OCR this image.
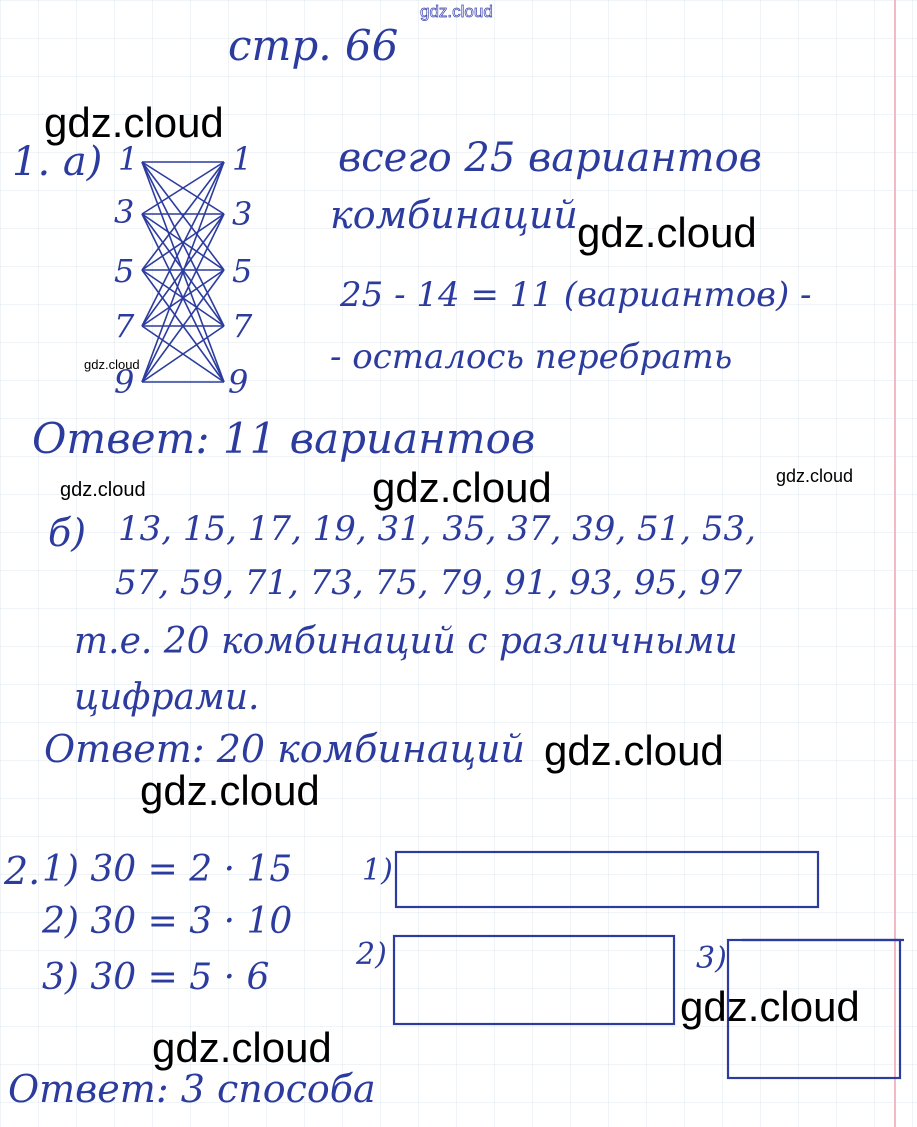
стр. 66
1. а) 1
3
5
7
9
1
3
5
7
9
всего 25 вариантов
комбинаций
25 - 14 = 11 (вариантов) -
- осталось перебрать
Ответ: 11 вариантов
б) 13, 15, 17, 19, 31, 35, 37, 39, 51, 53,
57, 59, 71, 73, 75, 79, 91, 93, 95, 97
т.е. 20 комбинаций с различными
цифрами.
Ответ: 20 комбинаций
2. 1) 30 = 2 · 15
2) 30 = 3 · 10
3) 30 = 5 · 6
1)
2)	3)
Ответ: 3 способа
gdz.cloud
gdz.cloud
gdz.cloud
gdz.cloud
gdz.cloud	gdz.cloud	gdz.cloud
gdz.cloud
gdz.cloud
gdz.cloud
gdz.cloud
